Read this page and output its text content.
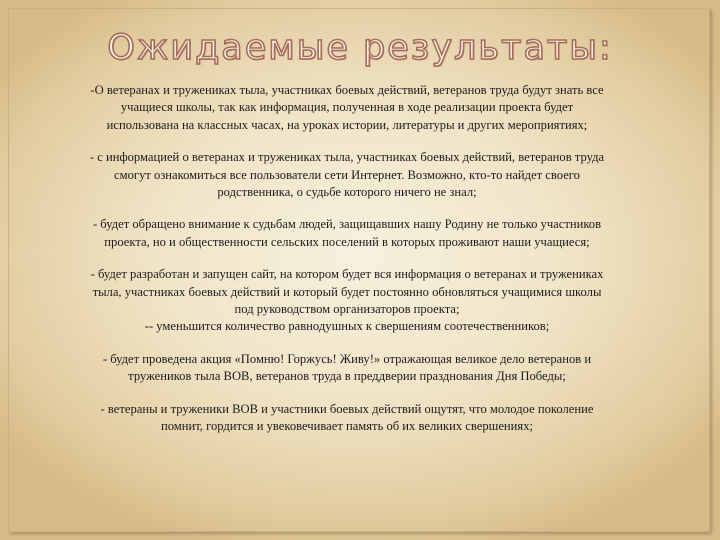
Ожидаемые результаты:

-О ветеранах и тружениках тыла, участниках боевых действий, ветеранов труда будут знать все
учащиеся школы, так как информация, полученная в ходе реализации проекта будет
использована на классных часах, на уроках истории, литературы и других мероприятиях;

- с информацией о ветеранах и тружениках тыла, участниках боевых действий, ветеранов труда
смогут ознакомиться все пользователи сети Интернет. Возможно, кто-то найдет своего
родственника, о судьбе которого ничего не знал;

- будет обращено внимание к судьбам людей, защищавших нашу Родину не только участников
проекта, но и общественности сельских поселений в которых проживают наши учащиеся;

- будет разработан и запущен сайт, на котором будет вся информация о ветеранах и тружениках
тыла, участниках боевых действий и который будет постоянно обновляться учащимися школы
под руководством организаторов проекта;
-- уменьшится количество равнодушных к свершениям соотечественников;

- будет проведена акция «Помню! Горжусь! Живу!» отражающая великое дело ветеранов и
тружеников тыла ВОВ, ветеранов труда в преддверии празднования Дня Победы;

- ветераны и труженики ВОВ и участники боевых действий ощутят, что молодое поколение
помнит, гордится и увековечивает память об их великих свершениях;
